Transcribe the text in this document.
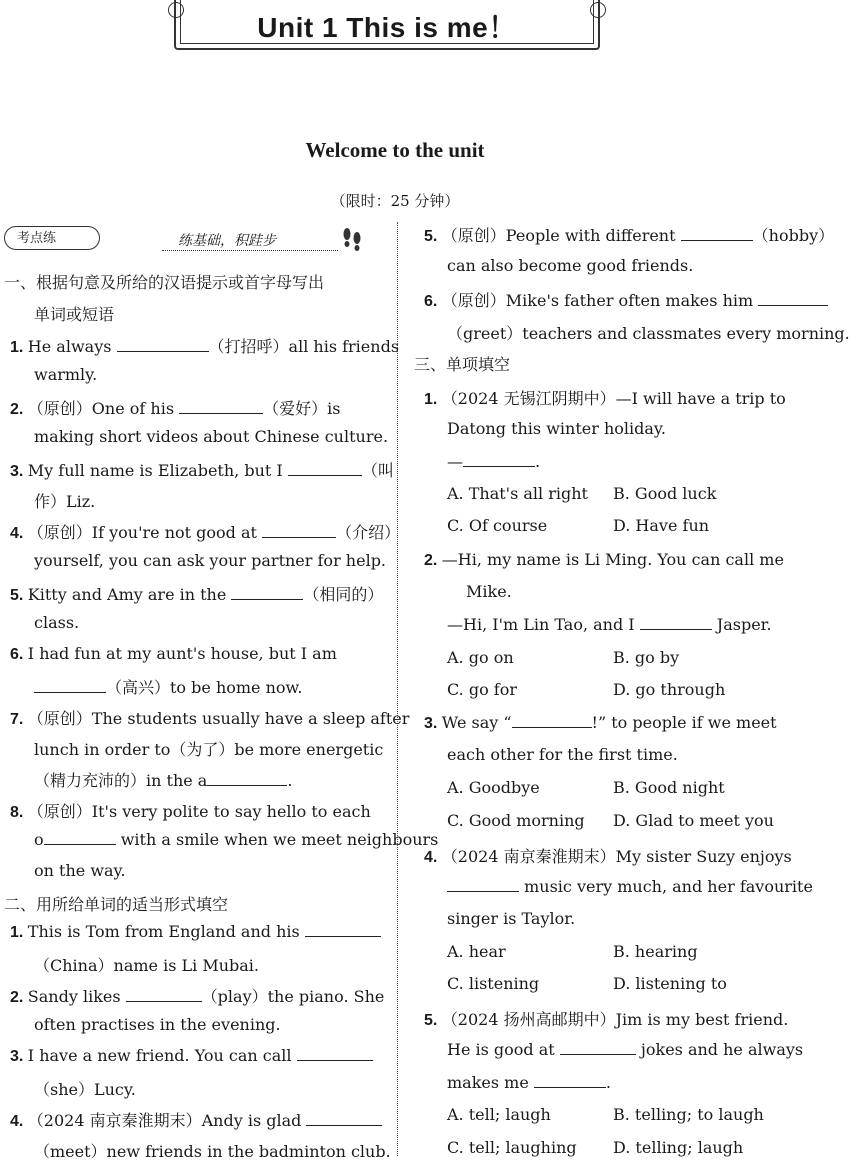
Unit 1 This is me！
Welcome to the unit
（限时：25 分钟）
考点练	练基础，积跬步
一、根据句意及所给的汉语提示或首字母写出
单词或短语
1. He always	（打招呼）all his friends
warmly.
2. （原创）One of his	（爱好）is
making short videos about Chinese culture.
3. My full name is Elizabeth, but I	（叫
作）Liz.
4. （原创）If you're not good at	（介绍）
yourself, you can ask your partner for help.
5. Kitty and Amy are in the	（相同的）
class.
6. I had fun at my aunt's house, but I am
（高兴）to be home now.
7. （原创）The students usually have a sleep after
lunch in order to（为了）be more energetic
（精力充沛的）in the a	.
8. （原创）It's very polite to say hello to each
o	with a smile when we meet neighbours
on the way.
二、用所给单词的适当形式填空
1. This is Tom from England and his
（China）name is Li Mubai.
2. Sandy likes	（play）the piano. She
often practises in the evening.
3. I have a new friend. You can call
（she）Lucy.
4. （2024 南京秦淮期末）Andy is glad
（meet）new friends in the badminton club.
5. （原创）People with different	（hobby）
can also become good friends.
6. （原创）Mike's father often makes him
（greet）teachers and classmates every morning.
三、单项填空
1. （2024 无锡江阴期中）—I will have a trip to
Datong this winter holiday.
—	.
A. That's all right B. Good luck
C. Of course	D. Have fun
2. —Hi, my name is Li Ming. You can call me
Mike.
—Hi, I'm Lin Tao, and I	Jasper.
A. go on	B. go by
C. go for	D. go through
3. We say “	!” to people if we meet
each other for the first time.
A. Goodbye	B. Good night
C. Good morning D. Glad to meet you
4. （2024 南京秦淮期末）My sister Suzy enjoys
music very much, and her favourite
singer is Taylor.
A. hear	B. hearing
C. listening	D. listening to
5. （2024 扬州高邮期中）Jim is my best friend.
He is good at	jokes and he always
makes me	.
A. tell; laugh	B. telling; to laugh
C. tell; laughing D. telling; laugh
